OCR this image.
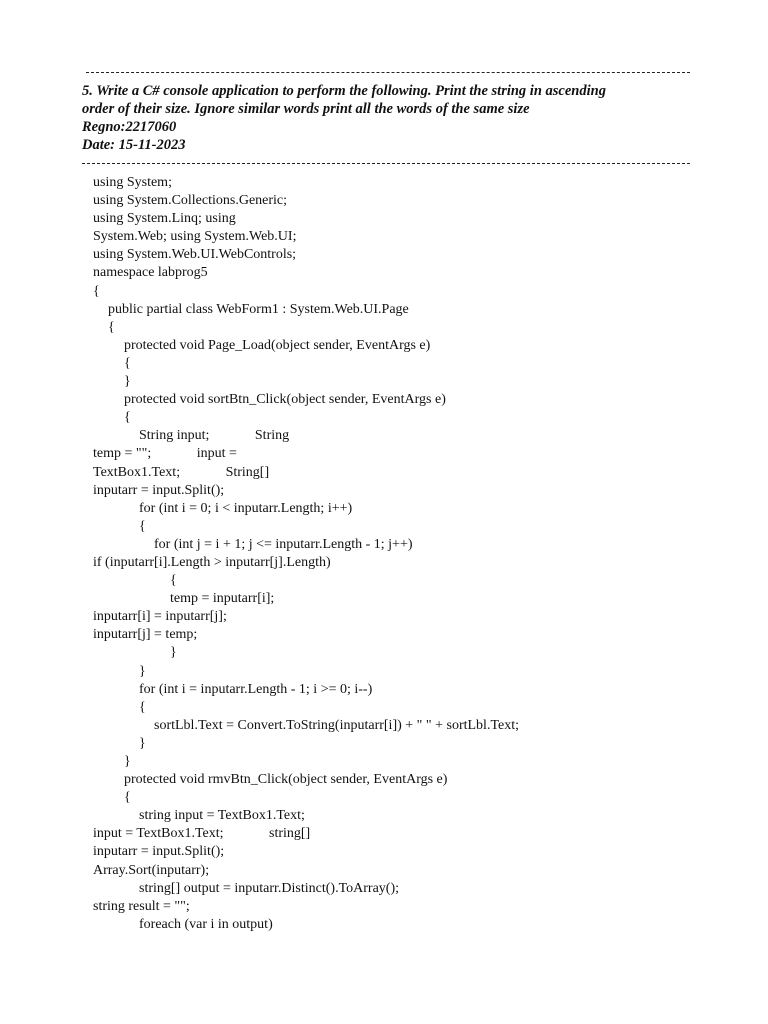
5. Write a C# console application to perform the following. Print the string in ascending
order of their size. Ignore similar words print all the words of the same size
Regno:2217060
Date: 15-11-2023
using System;
using System.Collections.Generic;
using System.Linq; using
System.Web; using System.Web.UI;
using System.Web.UI.WebControls;
namespace labprog5
{
public partial class WebForm1 : System.Web.UI.Page
{
protected void Page_Load(object sender, EventArgs e)
{
}
protected void sortBtn_Click(object sender, EventArgs e)
{
String input;             String
temp = "";             input =
TextBox1.Text;             String[]
inputarr = input.Split();
for (int i = 0; i < inputarr.Length; i++)
{
for (int j = i + 1; j <= inputarr.Length - 1; j++)
if (inputarr[i].Length > inputarr[j].Length)
{
temp = inputarr[i];
inputarr[i] = inputarr[j];
inputarr[j] = temp;
}
}
for (int i = inputarr.Length - 1; i >= 0; i--)
{
sortLbl.Text = Convert.ToString(inputarr[i]) + " " + sortLbl.Text;
}
}
protected void rmvBtn_Click(object sender, EventArgs e)
{
string input = TextBox1.Text;
input = TextBox1.Text;             string[]
inputarr = input.Split();
Array.Sort(inputarr);
string[] output = inputarr.Distinct().ToArray();
string result = "";
foreach (var i in output)
